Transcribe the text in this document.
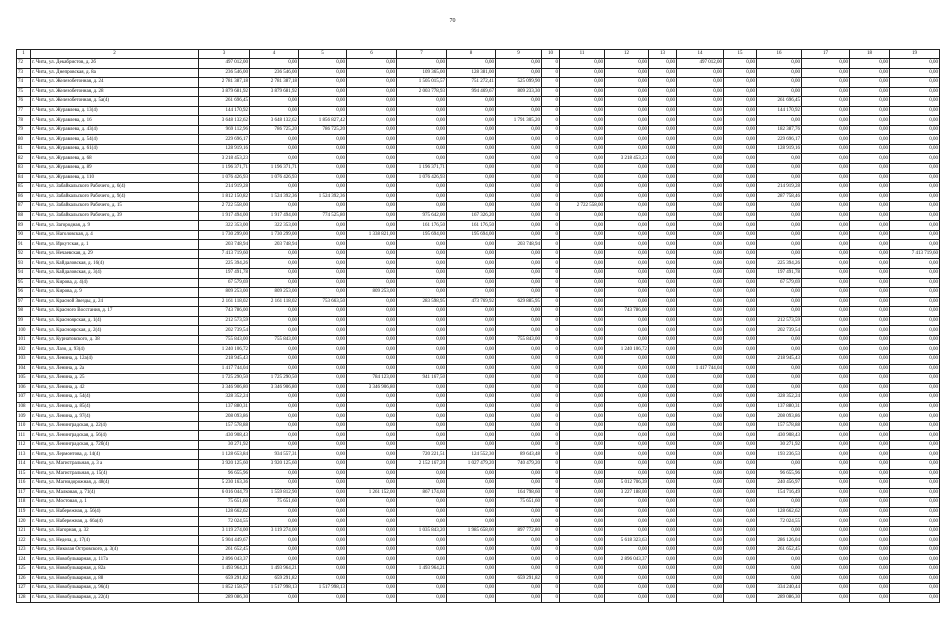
70
1	2	3	4	5	6	7	8	9	10	11	12	13	14	15	16	17	18	19
72	г. Чита, ул. Декабристов, д. 2б	497 012,00	0,00	0,00	0,00	0,00	0,00	0,00	0	0,00	0,00	0,00	497 012,00	0,00	0,00	0,00	0,00	0,00
73	г. Чита, ул. Днепровская, д. 8а	236 546,00	236 546,00	0,00	0,00	109 365,00	128 381,00	0,00	0	0,00	0,00	0,00	0,00	0,00	0,00	0,00	0,00	0,00
74	г. Чита, ул. Железобетонная, д. 24	2 781 387,18	2 781 387,18	0,00	0,00	1 505 015,57	751 272,41	525 099,90	0	0,00	0,00	0,00	0,00	0,00	0,00	0,00	0,00	0,00
75	г. Чита, ул. Железобетонная, д. 28	3 879 681,92	3 879 681,92	0,00	0,00	2 003 778,93	994 469,67	809 233,30	0	0,00	0,00	0,00	0,00	0,00	0,00	0,00	0,00	0,00
76	г. Чита, ул. Железобетонная, д. 5а(4)	261 696,45	0,00	0,00	0,00	0,00	0,00	0,00	0	0,00	0,00	0,00	0,00	0,00	261 696,45	0,00	0,00	0,00
77	г. Чита, ул. Журавлева, д. 13(4)	144 170,92	0,00	0,00	0,00	0,00	0,00	0,00	0	0,00	0,00	0,00	0,00	0,00	144 170,92	0,00	0,00	0,00
78	г. Чита, ул. Журавлева, д. 16	3 648 132,62	3 648 132,62	1 856 827,42	0,00	0,00	0,00	1 791 305,20	0	0,00	0,00	0,00	0,00	0,00	0,00	0,00	0,00	0,00
79	г. Чита, ул. Журавлева, д. 43(4)	969 112,96	786 725,20	786 725,20	0,00	0,00	0,00	0,00	0	0,00	0,00	0,00	0,00	0,00	182 387,76	0,00	0,00	0,00
80	г. Чита, ул. Журавлева, д. 54(4)	229 696,17	0,00	0,00	0,00	0,00	0,00	0,00	0	0,00	0,00	0,00	0,00	0,00	229 696,17	0,00	0,00	0,00
81	г. Чита, ул. Журавлева, д. 61(4)	128 919,16	0,00	0,00	0,00	0,00	0,00	0,00	0	0,00	0,00	0,00	0,00	0,00	128 919,16	0,00	0,00	0,00
82	г. Чита, ул. Журавлева, д. 68	3 218 453,23	0,00	0,00	0,00	0,00	0,00	0,00	0	0,00	3 218 453,23	0,00	0,00	0,00	0,00	0,00	0,00	0,00
83	г. Чита, ул. Журавлева, д. 89	1 196 371,71	1 196 371,71	0,00	0,00	1 196 371,71	0,00	0,00	0	0,00	0,00	0,00	0,00	0,00	0,00	0,00	0,00	0,00
84	г. Чита, ул. Журавлева, д. 110	1 076 426,93	1 076 426,93	0,00	0,00	1 076 426,93	0,00	0,00	0	0,00	0,00	0,00	0,00	0,00	0,00	0,00	0,00	0,00
85	г. Чита, ул. Забайкальского Рабочего, д. 6(4)	214 919,28	0,00	0,00	0,00	0,00	0,00	0,00	0	0,00	0,00	0,00	0,00	0,00	214 919,28	0,00	0,00	0,00
86	г. Чита, ул. Забайкальского Рабочего, д. 9(4)	1 812 150,82	1 524 392,36	1 524 392,36	0,00	0,00	0,00	0,00	0	0,00	0,00	0,00	0,00	0,00	287 758,46	0,00	0,00	0,00
87	г. Чита, ул. Забайкальского Рабочего, д. 15	2 722 558,00	0,00	0,00	0,00	0,00	0,00	0,00	0	2 722 558,00	0,00	0,00	0,00	0,00	0,00	0,00	0,00	0,00
88	г. Чита, ул. Забайкальского Рабочего, д. 39	1 917 494,00	1 917 494,00	774 525,80	0,00	975 642,00	167 326,20	0,00	0	0,00	0,00	0,00	0,00	0,00	0,00	0,00	0,00	0,00
89	г. Чита, ул. Загородная, д. 9	322 353,00	322 353,00	0,00	0,00	161 176,50	161 176,50	0,00	0	0,00	0,00	0,00	0,00	0,00	0,00	0,00	0,00	0,00
90	г. Чита, ул. Наголовская, д. 4	1 730 299,00	1 730 299,00	0,00	1 338 821,00	195 694,00	195 694,00	0,00	0	0,00	0,00	0,00	0,00	0,00	0,00	0,00	0,00	0,00
91	г. Чита, ул. Иркутская, д. 1	203 748,94	203 748,94	0,00	0,00	0,00	0,00	203 748,94	0	0,00	0,00	0,00	0,00	0,00	0,00	0,00	0,00	0,00
92	г. Чита, ул. Нечаевская, д. 29	7 413 719,60	0,00	0,00	0,00	0,00	0,00	0,00	0	0,00	0,00	0,00	0,00	0,00	0,00	0,00	0,00	7 413 719,60
93	г. Чита, ул. Кайдаловская, д. 16(4)	225 394,26	0,00	0,00	0,00	0,00	0,00	0,00	0	0,00	0,00	0,00	0,00	0,00	225 394,26	0,00	0,00	0,00
94	г. Чита, ул. Кайдаловская, д. 3(4)	197 491,78	0,00	0,00	0,00	0,00	0,00	0,00	0	0,00	0,00	0,00	0,00	0,00	197 491,78	0,00	0,00	0,00
95	г. Чита, ул. Кирова, д. 4(4)	67 579,69	0,00	0,00	0,00	0,00	0,00	0,00	0	0,00	0,00	0,00	0,00	0,00	67 579,69	0,00	0,00	0,00
96	г. Чита, ул. Кирова, д. 9	809 253,00	809 253,00	0,00	809 253,00	0,00	0,00	0,00	0	0,00	0,00	0,00	0,00	0,00	0,00	0,00	0,00	0,00
97	г. Чита, ул. Красной Звезды, д. 24	2 161 118,02	2 161 118,02	753 663,50	0,00	283 598,95	473 769,92	629 885,95	0	0,00	0,00	0,00	0,00	0,00	0,00	0,00	0,00	0,00
98	г. Чита, ул. Красного Восстания, д. 17	743 786,00	0,00	0,00	0,00	0,00	0,00	0,00	0	0,00	743 786,00	0,00	0,00	0,00	0,00	0,00	0,00	0,00
99	г. Чита, ул. Красноярская, д. 1(4)	212 573,59	0,00	0,00	0,00	0,00	0,00	0,00	0	0,00	0,00	0,00	0,00	0,00	212 573,59	0,00	0,00	0,00
100	г. Чита, ул. Красноярская, д. 2(4)	202 739,54	0,00	0,00	0,00	0,00	0,00	0,00	0	0,00	0,00	0,00	0,00	0,00	202 739,54	0,00	0,00	0,00
101	г. Чита, ул. Курнатовского, д. 38	755 843,00	755 843,00	0,00	0,00	0,00	0,00	755 843,00	0	0,00	0,00	0,00	0,00	0,00	0,00	0,00	0,00	0,00
102	г. Чита, ул. Лазо, д. 93(4)	1 240 106,72	0,00	0,00	0,00	0,00	0,00	0,00	0	0,00	1 240 106,72	0,00	0,00	0,00	0,00	0,00	0,00	0,00
103	г. Чита, ул. Ленина, д. 12а(4)	218 945,43	0,00	0,00	0,00	0,00	0,00	0,00	0	0,00	0,00	0,00	0,00	0,00	218 945,43	0,00	0,00	0,00
104	г. Чита, ул. Ленина, д. 2а	1 417 744,04	0,00	0,00	0,00	0,00	0,00	0,00	0	0,00	0,00	0,00	1 417 744,04	0,00	0,00	0,00	0,00	0,00
105	г. Чита, ул. Ленина, д. 25	1 725 290,50	1 725 290,50	0,00	784 123,00	941 167,50	0,00	0,00	0	0,00	0,00	0,00	0,00	0,00	0,00	0,00	0,00	0,00
106	г. Чита, ул. Ленина, д. 42	3 346 906,80	3 346 906,80	0,00	3 346 906,80	0,00	0,00	0,00	0	0,00	0,00	0,00	0,00	0,00	0,00	0,00	0,00	0,00
107	г. Чита, ул. Ленина, д. 54(4)	328 352,24	0,00	0,00	0,00	0,00	0,00	0,00	0	0,00	0,00	0,00	0,00	0,00	328 352,24	0,00	0,00	0,00
108	г. Чита, ул. Ленина, д. 85(4)	137 880,31	0,00	0,00	0,00	0,00	0,00	0,00	0	0,00	0,00	0,00	0,00	0,00	137 880,31	0,00	0,00	0,00
109	г. Чита, ул. Ленина, д. 97(4)	208 093,86	0,00	0,00	0,00	0,00	0,00	0,00	0	0,00	0,00	0,00	0,00	0,00	208 093,86	0,00	0,00	0,00
110	г. Чита, ул. Ленинградская, д. 22(4)	157 578,88	0,00	0,00	0,00	0,00	0,00	0,00	0	0,00	0,00	0,00	0,00	0,00	157 578,88	0,00	0,00	0,00
111	г. Чита, ул. Ленинградская, д. 56(4)	430 908,43	0,00	0,00	0,00	0,00	0,00	0,00	0	0,00	0,00	0,00	0,00	0,00	430 908,43	0,00	0,00	0,00
112	г. Чита, ул. Ленинградская, д. 72б(4)	30 271,92	0,00	0,00	0,00	0,00	0,00	0,00	0	0,00	0,00	0,00	0,00	0,00	30 271,92	0,00	0,00	0,00
113	г. Чита, ул. Лермонтова, д. 14(4)	1 128 653,84	934 557,31	0,00	0,00	720 221,51	124 552,30	89 643,48	0	0,00	0,00	0,00	0,00	0,00	193 236,53	0,00	0,00	0,00
114	г. Чита, ул. Магистральная, д. 3 а	3 920 125,60	3 920 125,60	0,00	0,00	2 152 167,20	1 027 479,20	740 479,20	0	0,00	0,00	0,00	0,00	0,00	0,00	0,00	0,00	0,00
115	г. Чита, ул. Магистральная, д. 15(4)	96 655,96	0,00	0,00	0,00	0,00	0,00	0,00	0	0,00	0,00	0,00	0,00	0,00	96 655,96	0,00	0,00	0,00
116	г. Чита, ул. Магнидорожная, д. 48(4)	5 230 163,36	0,00	0,00	0,00	0,00	0,00	0,00	0	0,00	5 012 706,39	0,00	0,00	0,00	240 456,97	0,00	0,00	0,00
117	г. Чита, ул. Малковая, д. 71(4)	6 016 044,79	1 559 812,90	0,00	1 261 152,00	867 174,60	0,00	164 798,60	0	0,00	3 227 188,00	0,00	0,00	0,00	154 716,49	0,00	0,00	0,00
118	г. Чита, ул. Мостовая, д. 1	75 651,60	75 651,60	0,00	0,00	0,00	0,00	75 651,60	0	0,00	0,00	0,00	0,00	0,00	0,00	0,00	0,00	0,00
119	г. Чита, ул. Набережная, д. 56(4)	128 662,62	0,00	0,00	0,00	0,00	0,00	0,00	0	0,00	0,00	0,00	0,00	0,00	128 662,62	0,00	0,00	0,00
120	г. Чита, ул. Набережная, д. 66а(4)	72 024,55	0,00	0,00	0,00	0,00	0,00	0,00	0	0,00	0,00	0,00	0,00	0,00	72 024,55	0,00	0,00	0,00
121	г. Чита, ул. Нагорная, д. 32	3 119 274,00	3 119 274,00	0,00	0,00	1 035 843,20	1 985 658,00	897 772,80	0	0,00	0,00	0,00	0,00	0,00	0,00	0,00	0,00	0,00
122	г. Чита, ул. Недела, д. 17(4)	5 904 449,67	0,00	0,00	0,00	0,00	0,00	0,00	0	0,00	5 618 323,63	0,00	0,00	0,00	286 126,04	0,00	0,00	0,00
123	г. Чита, ул. Николая Островского, д. 3(4)	261 652,45	0,00	0,00	0,00	0,00	0,00	0,00	0	0,00	0,00	0,00	0,00	0,00	261 652,45	0,00	0,00	0,00
124	г. Чита, ул. Новобульварная, д. 117а	2 896 043,37	0,00	0,00	0,00	0,00	0,00	0,00	0	0,00	2 896 043,37	0,00	0,00	0,00	0,00	0,00	0,00	0,00
125	г. Чита, ул. Новобульварная, д. 82а	1 493 964,21	1 493 964,21	0,00	0,00	1 493 964,21	0,00	0,00	0	0,00	0,00	0,00	0,00	0,00	0,00	0,00	0,00	0,00
126	г. Чита, ул. Новобульварная, д. 88	659 291,82	659 291,82	0,00	0,00	0,00	0,00	659 291,82	0	0,00	0,00	0,00	0,00	0,00	0,00	0,00	0,00	0,00
127	г. Чита, ул. Новобульварная, д. 96(4)	1 852 158,57	1 517 998,13	1 517 998,13	0,00	0,00	0,00	0,00	0	0,00	0,00	0,00	0,00	0,00	334 240,44	0,00	0,00	0,00
128	г. Чита, ул. Новобульварная, д. 22(4)	289 086,30	0,00	0,00	0,00	0,00	0,00	0,00	0	0,00	0,00	0,00	0,00	0,00	289 086,30	0,00	0,00	0,00
